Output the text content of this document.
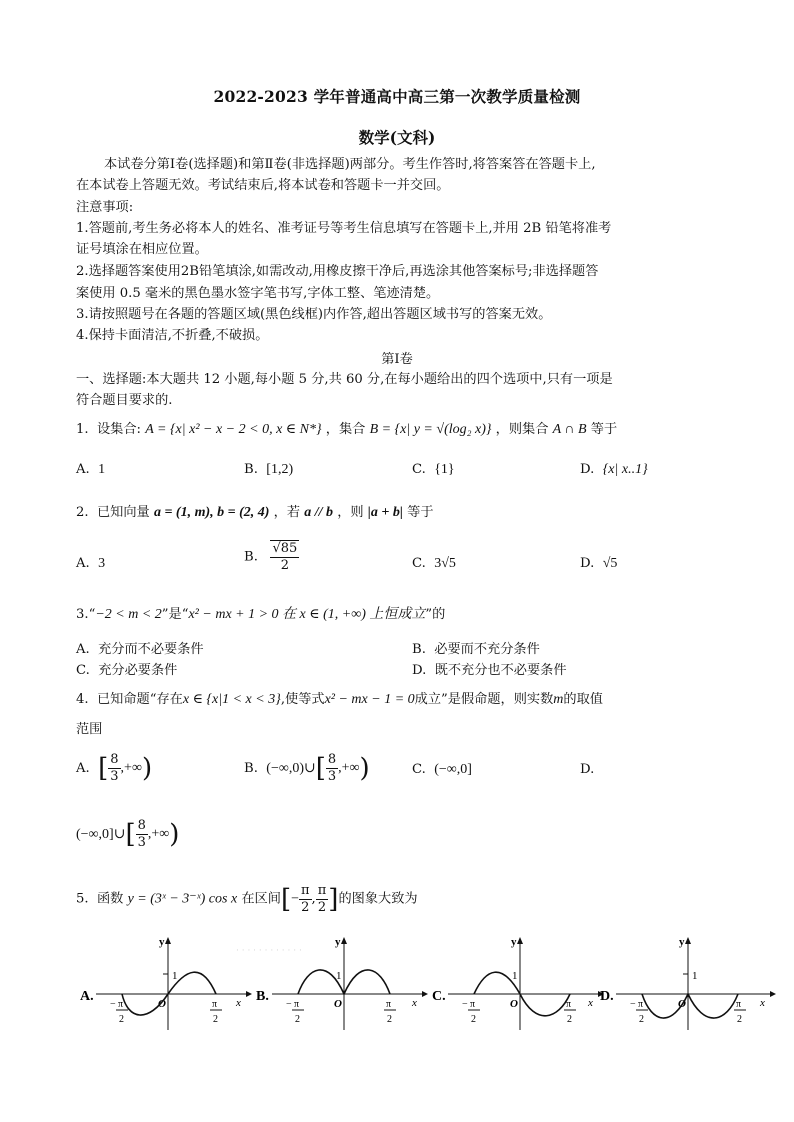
2022-2023 学年普通高中高三第一次教学质量检测
数学(文科)
本试卷分第Ⅰ卷(选择题)和第Ⅱ卷(非选择题)两部分。考生作答时,将答案答在答题卡上,
在本试卷上答题无效。考试结束后,将本试卷和答题卡一并交回。
注意事项:
1.答题前,考生务必将本人的姓名、准考证号等考生信息填写在答题卡上,并用 2B 铅笔将准考
证号填涂在相应位置。
2.选择题答案使用2B铅笔填涂,如需改动,用橡皮擦干净后,再选涂其他答案标号;非选择题答
案使用 0.5 毫米的黑色墨水签字笔书写,字体工整、笔迹清楚。
3.请按照题号在各题的答题区域(黑色线框)内作答,超出答题区域书写的答案无效。
4.保持卡面清洁,不折叠,不破损。
第Ⅰ卷
一、选择题:本大题共 12 小题,每小题 5 分,共 60 分,在每小题给出的四个选项中,只有一项是
符合题目要求的.
1. 设集合: A = {x| x² − x − 2 < 0, x ∈ N*} ，集合 B = {x| y = √(log₂ x)} ，则集合 A ∩ B 等于
A. 1	B. [1,2)	C. {1}	D. {x| x..1}
2. 已知向量 a = (1, m), b = (2, 4) ，若 a // b ，则 |a + b| 等于
A. 3	B. $\frac{√85}{2}$	C. 3√5	D. √5
3.“−2 < m < 2”是“x² − mx + 1 > 0 在 x ∈ (1, +∞) 上恒成立”的
A. 充分而不必要条件	B. 必要而不充分条件
C. 充分必要条件	D. 既不充分也不必要条件
4. 已知命题“存在x ∈ {x|1 < x < 3},使等式x² − mx − 1 = 0成立”是假命题，则实数m的取值
范围
A. [ $\frac{8}{3}$ ,+∞)	B. (−∞,0)∪[ $\frac{8}{3}$ ,+∞)	C. (−∞,0]	D.
(−∞,0]∪[ $\frac{8}{3}$ ,+∞)
5. 函数 y = (3ˣ − 3⁻ˣ) cos x 在区间[− $\frac{\pi}{2}$ , $\frac{\pi}{2}$ ]的图象大致为
· · · · · · · · · · · ·
A.
y
x
1
O
− π
2
π
2
B.
y
x
1
O
− π
2
π
2
C.
y
x
1
O
− π
2
π
2
D.
y
x
1
O
− π
2
π
2
